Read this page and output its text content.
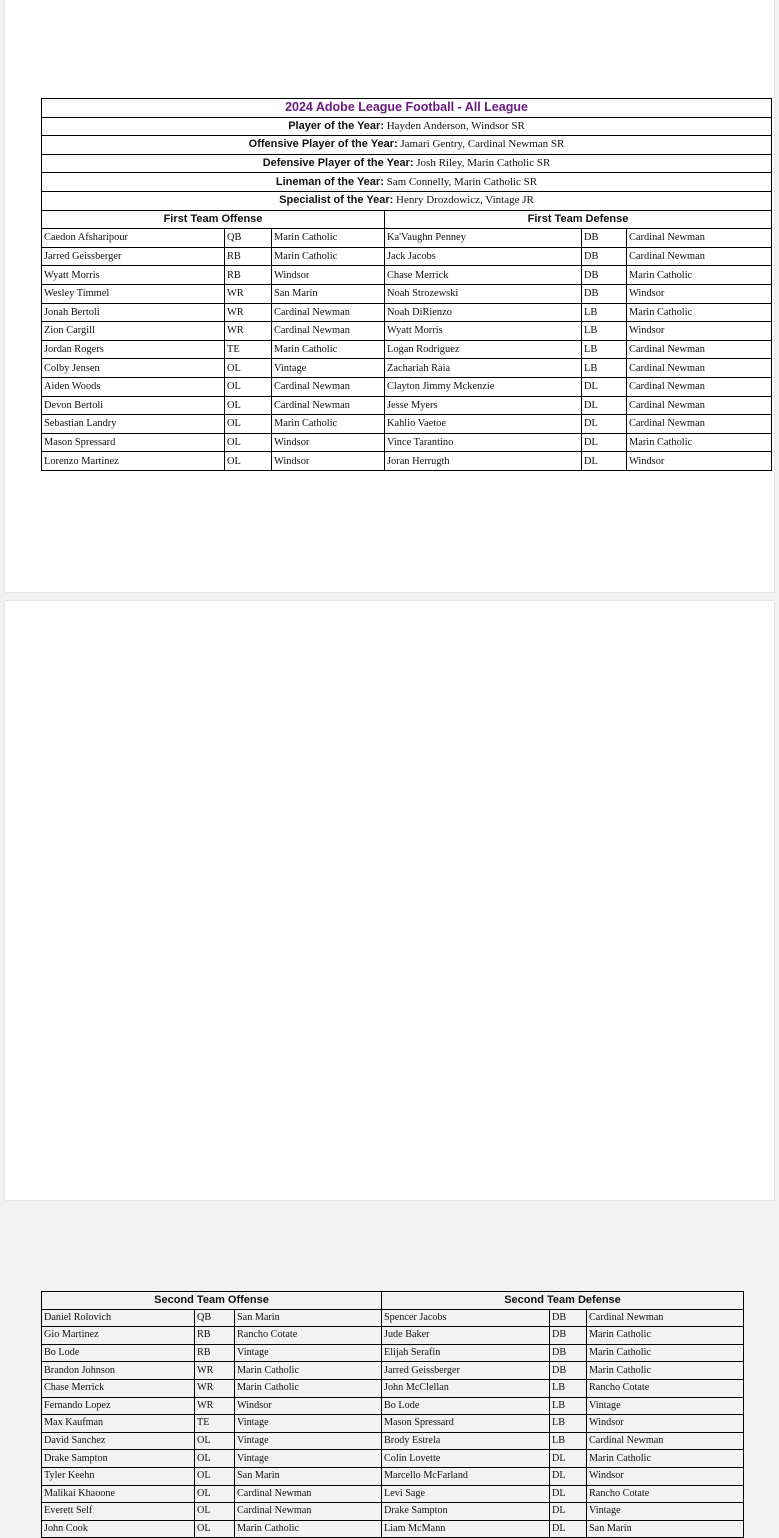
2024 Adobe League Football - All League					
Player of the Year: Hayden Anderson, Windsor SR					
Offensive Player of the Year: Jamari Gentry, Cardinal Newman SR					
Defensive Player of the Year: Josh Riley, Marin Catholic SR					
Lineman of the Year: Sam Connelly, Marin Catholic SR					
Specialist of the Year: Henry Drozdowicz, Vintage JR					
First Team Offense			First Team Defense		
Caedon Afsharipour	QB	Marin Catholic	Ka'Vaughn Penney	DB	Cardinal Newman
Jarred Geissberger	RB	Marin Catholic	Jack Jacobs	DB	Cardinal Newman
Wyatt Morris	RB	Windsor	Chase Merrick	DB	Marin Catholic
Wesley Timmel	WR	San Marin	Noah Strozewski	DB	Windsor
Jonah Bertoli	WR	Cardinal Newman	Noah DiRienzo	LB	Marin Catholic
Zion Cargill	WR	Cardinal Newman	Wyatt Morris	LB	Windsor
Jordan Rogers	TE	Marin Catholic	Logan Rodriguez	LB	Cardinal Newman
Colby Jensen	OL	Vintage	Zachariah Raia	LB	Cardinal Newman
Aiden Woods	OL	Cardinal Newman	Clayton Jimmy Mckenzie	DL	Cardinal Newman
Devon Bertoli	OL	Cardinal Newman	Jesse Myers	DL	Cardinal Newman
Sebastian Landry	OL	Marin Catholic	Kahlio Vaetoe	DL	Cardinal Newman
Mason Spressard	OL	Windsor	Vince Tarantino	DL	Marin Catholic
Lorenzo Martinez	OL	Windsor	Joran Herrugth	DL	Windsor
Second Team Offense			Second Team Defense		
Daniel Rolovich	QB	San Marin	Spencer Jacobs	DB	Cardinal Newman
Gio Martinez	RB	Rancho Cotate	Jude Baker	DB	Marin Catholic
Bo Lode	RB	Vintage	Elijah Serafin	DB	Marin Catholic
Brandon Johnson	WR	Marin Catholic	Jarred Geissberger	DB	Marin Catholic
Chase Merrick	WR	Marin Catholic	John McClellan	LB	Rancho Cotate
Fernando Lopez	WR	Windsor	Bo Lode	LB	Vintage
Max Kaufman	TE	Vintage	Mason Spressard	LB	Windsor
David Sanchez	OL	Vintage	Brody Estrela	LB	Cardinal Newman
Drake Sampton	OL	Vintage	Colin Lovette	DL	Marin Catholic
Tyler Keehn	OL	San Marin	Marcello McFarland	DL	Windsor
Malikai Khaoone	OL	Cardinal Newman	Levi Sage	DL	Rancho Cotate
Everett Self	OL	Cardinal Newman	Drake Sampton	DL	Vintage
John Cook	OL	Marin Catholic	Liam McMann	DL	San Marin
